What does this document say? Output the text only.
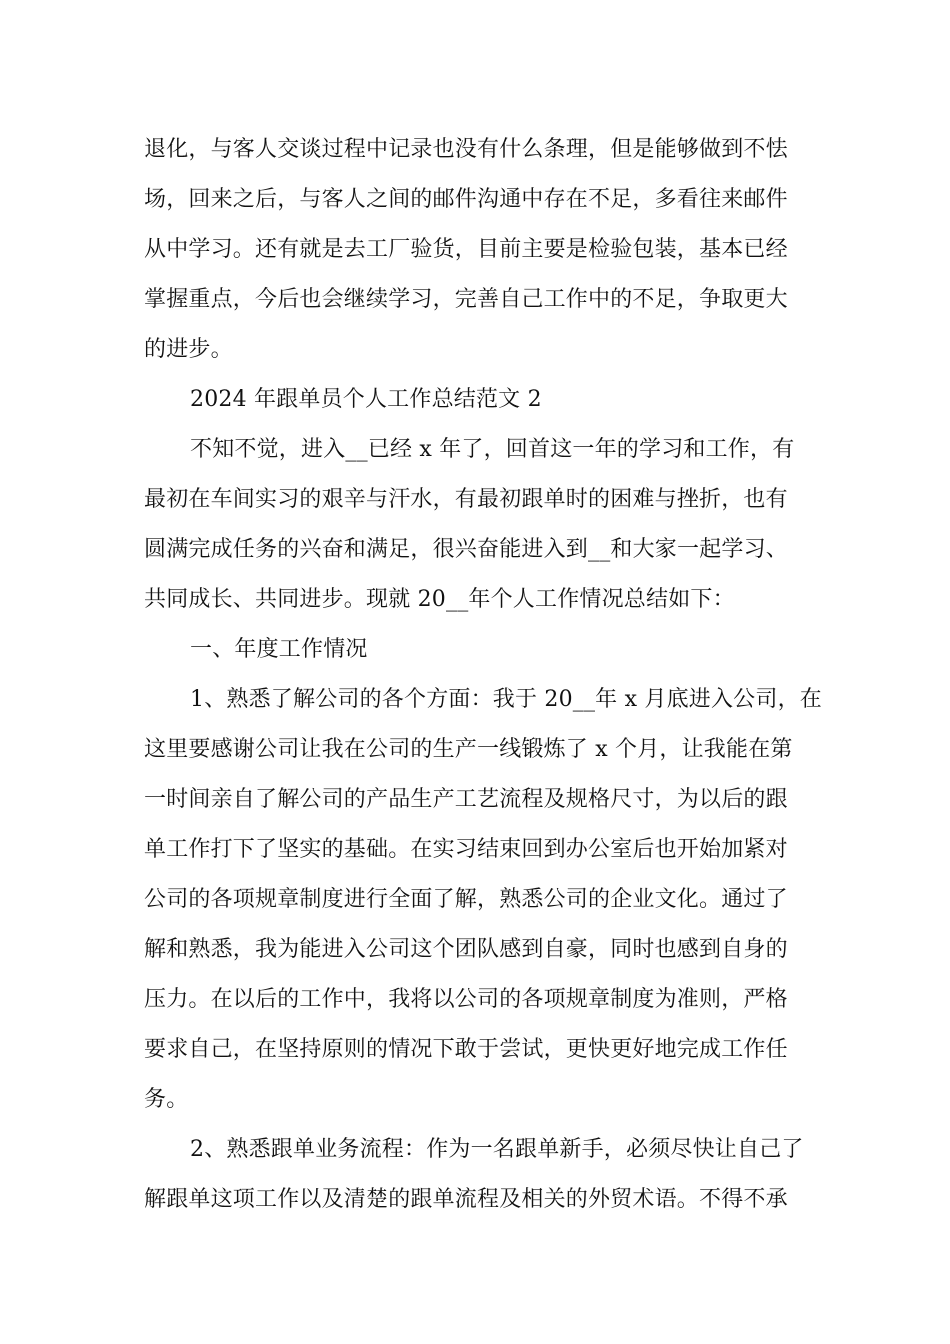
退化，与客人交谈过程中记录也没有什么条理，但是能够做到不怯
场，回来之后，与客人之间的邮件沟通中存在不足，多看往来邮件
从中学习。还有就是去工厂验货，目前主要是检验包装，基本已经
掌握重点，今后也会继续学习，完善自己工作中的不足，争取更大
的进步。
2024 年跟单员个人工作总结范文 2
不知不觉，进入__已经 x 年了，回首这一年的学习和工作，有
最初在车间实习的艰辛与汗水，有最初跟单时的困难与挫折，也有
圆满完成任务的兴奋和满足，很兴奋能进入到__和大家一起学习、
共同成长、共同进步。现就 20__年个人工作情况总结如下：
一、年度工作情况
1、熟悉了解公司的各个方面：我于 20__年 x 月底进入公司，在
这里要感谢公司让我在公司的生产一线锻炼了 x 个月，让我能在第
一时间亲自了解公司的产品生产工艺流程及规格尺寸，为以后的跟
单工作打下了坚实的基础。在实习结束回到办公室后也开始加紧对
公司的各项规章制度进行全面了解，熟悉公司的企业文化。通过了
解和熟悉，我为能进入公司这个团队感到自豪，同时也感到自身的
压力。在以后的工作中，我将以公司的各项规章制度为准则，严格
要求自己，在坚持原则的情况下敢于尝试，更快更好地完成工作任
务。
2、熟悉跟单业务流程：作为一名跟单新手，必须尽快让自己了
解跟单这项工作以及清楚的跟单流程及相关的外贸术语。不得不承
